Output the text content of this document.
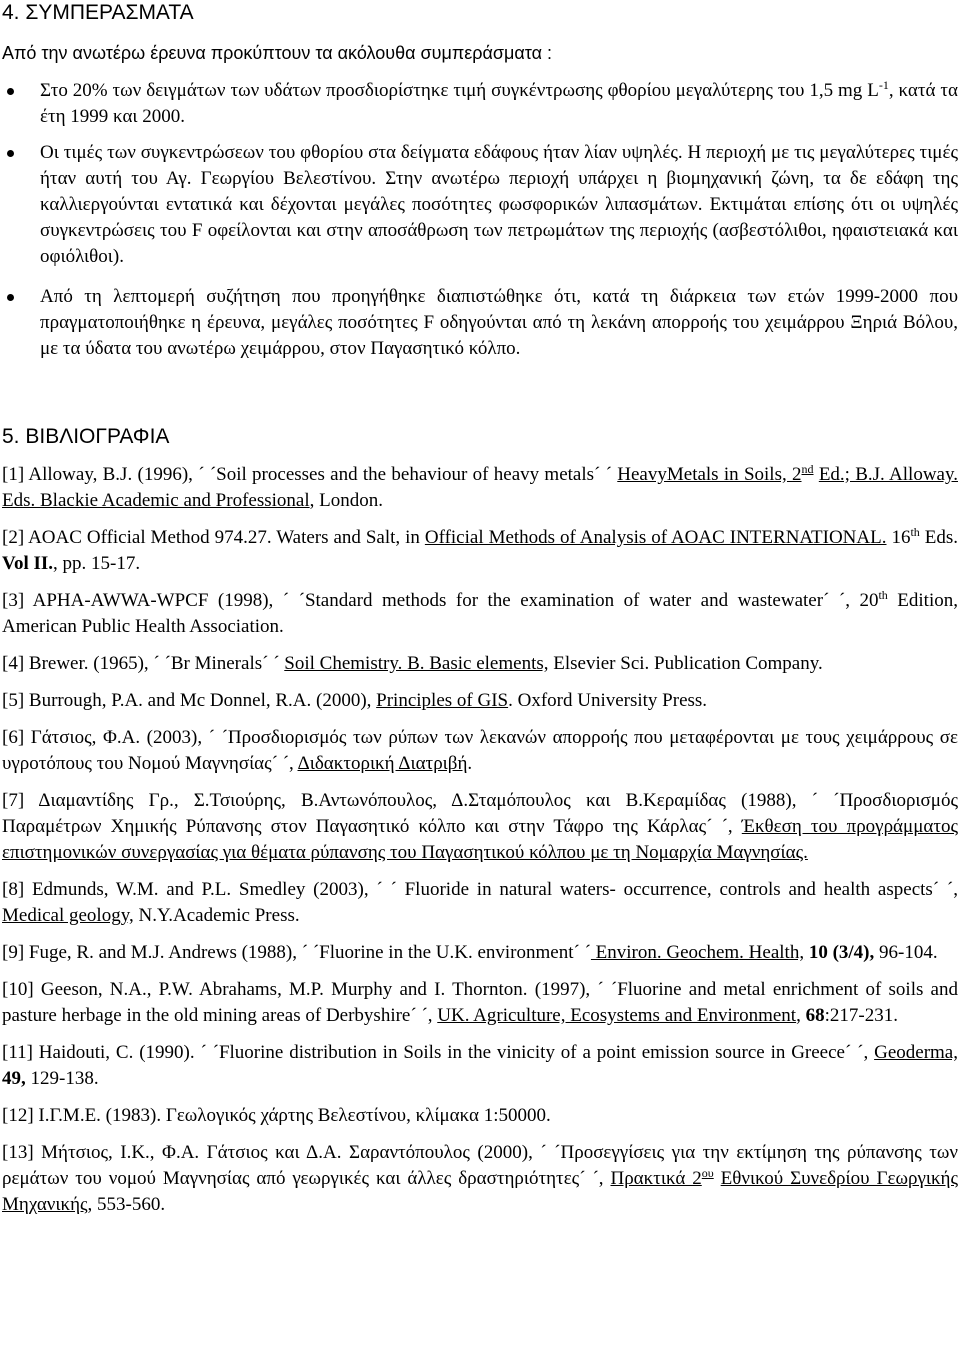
4. ΣΥΜΠΕΡΑΣΜΑΤΑ
Από την ανωτέρω έρευνα προκύπτουν τα ακόλουθα συμπεράσματα :
Στο 20% των δειγμάτων των υδάτων προσδιορίστηκε τιμή συγκέντρωσης φθορίου μεγαλύτερης του 1,5 mg $L^{-1}$, κατά τα έτη 1999 και 2000.
Οι τιμές των συγκεντρώσεων του φθορίου στα δείγματα εδάφους ήταν λίαν υψηλές. Η περιοχή με τις μεγαλύτερες τιμές ήταν αυτή του Αγ. Γεωργίου Βελεστίνου. Στην ανωτέρω περιοχή υπάρχει η βιομηχανική ζώνη, τα δε εδάφη της καλλιεργούνται εντατικά και δέχονται μεγάλες ποσότητες φωσφορικών λιπασμάτων. Εκτιμάται επίσης ότι οι υψηλές συγκεντρώσεις του F οφείλονται και στην αποσάθρωση των πετρωμάτων της περιοχής (ασβεστόλιθοι, ηφαιστειακά και οφιόλιθοι).
Από τη λεπτομερή συζήτηση που προηγήθηκε διαπιστώθηκε ότι, κατά τη διάρκεια των ετών 1999-2000 που πραγματοποιήθηκε η έρευνα, μεγάλες ποσότητες F οδηγούνται από τη λεκάνη απορροής του χειμάρρου Ξηριά Βόλου, με τα ύδατα του ανωτέρω χειμάρρου, στον Παγασητικό κόλπο.
5. ΒΙΒΛΙΟΓΡΑΦΙΑ
[1] Alloway, B.J. (1996), ´ ´Soil processes and the behaviour of heavy metals´ ´ HeavyMetals in Soils, 2nd Ed.; B.J. Alloway. Eds. Blackie Academic and Professional, London.
[2] AOAC Official Method 974.27. Waters and Salt, in Official Methods of Analysis of AOAC INTERNATIONAL. 16th Eds. Vol II., pp. 15-17.
[3] APHA-AWWA-WPCF (1998), ´ ´Standard methods for the examination of water and wastewater´ ´, 20th Edition, American Public Health Association.
[4] Brewer. (1965), ´ ´Br Minerals´ ´ Soil Chemistry. B. Basic elements, Elsevier Sci. Publication Company.
[5] Burrough, P.A. and Mc Donnel, R.A. (2000), Principles of GIS. Oxford University Press.
[6] Γάτσιος, Φ.Α. (2003), ´ ´Προσδιορισμός των ρύπων των λεκανών απορροής που μεταφέρονται με τους χειμάρρους σε υγροτόπους του Νομού Μαγνησίας´ ´, Διδακτορική Διατριβή.
[7] Διαμαντίδης Γρ., Σ.Τσιούρης, Β.Αντωνόπουλος, Δ.Σταμόπουλος και Β.Κεραμίδας (1988), ´ ´Προσδιορισμός Παραμέτρων Χημικής Ρύπανσης στον Παγασητικό κόλπο και στην Τάφρο της Κάρλας´ ´, Έκθεση του προγράμματος επιστημονικών συνεργασίας για θέματα ρύπανσης του Παγασητικού κόλπου με τη Νομαρχία Μαγνησίας.
[8] Edmunds, W.M. and P.L. Smedley (2003), ´ ´ Fluoride in natural waters- occurrence, controls and health aspects´ ´, Medical geology, N.Y.Academic Press.
[9] Fuge, R. and M.J. Andrews (1988), ´ ´Fluorine in the U.K. environment´ ´ Environ. Geochem. Health, 10 (3/4), 96-104.
[10] Geeson, N.A., P.W. Abrahams, M.P. Murphy and I. Thornton. (1997), ´ ´Fluorine and metal enrichment of soils and pasture herbage in the old mining areas of Derbyshire´ ´, UK. Agriculture, Ecosystems and Environment, 68:217-231.
[11] Haidouti, C. (1990). ´ ´Fluorine distribution in Soils in the vinicity of a point emission source in Greece´ ´, Geoderma, 49, 129-138.
[12] Ι.Γ.Μ.Ε. (1983). Γεωλογικός χάρτης Βελεστίνου, κλίμακα 1:50000.
[13] Μήτσιος, Ι.Κ., Φ.Α. Γάτσιος και Δ.Α. Σαραντόπουλος (2000), ´ ´Προσεγγίσεις για την εκτίμηση της ρύπανσης των ρεμάτων του νομού Μαγνησίας από γεωργικές και άλλες δραστηριότητες´ ´, Πρακτικά $2^{o\upsilon}$ Εθνικού Συνεδρίου Γεωργικής Μηχανικής, 553-560.
